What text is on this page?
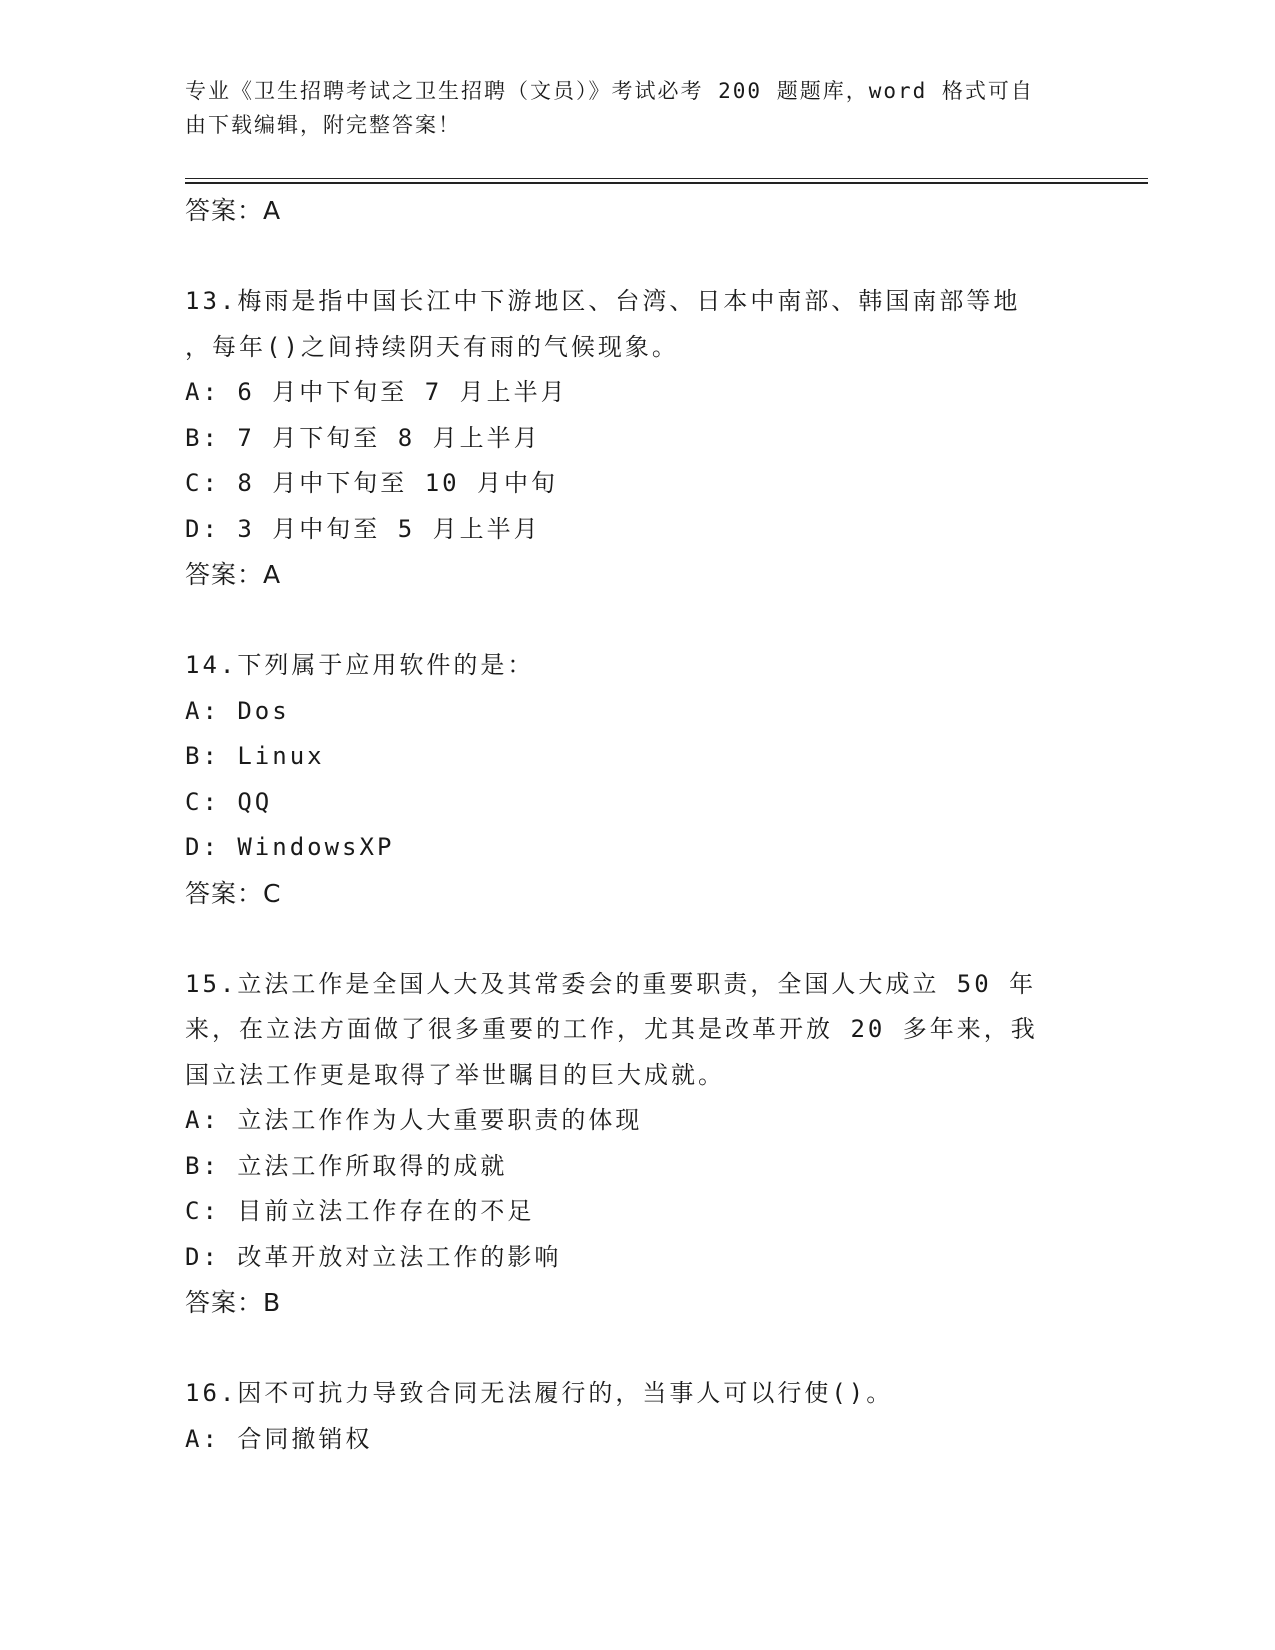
专业《卫生招聘考试之卫生招聘（文员）》考试必考 200 题题库，word 格式可自
由下载编辑，附完整答案！
答案：A
13.梅雨是指中国长江中下游地区、台湾、日本中南部、韩国南部等地
，每年()之间持续阴天有雨的气候现象。
A: 6 月中下旬至 7 月上半月
B: 7 月下旬至 8 月上半月
C: 8 月中下旬至 10 月中旬
D: 3 月中旬至 5 月上半月
答案：A
14.下列属于应用软件的是：
A: Dos
B: Linux
C: QQ
D: WindowsXP
答案：C
15.立法工作是全国人大及其常委会的重要职责，全国人大成立 50 年
来，在立法方面做了很多重要的工作，尤其是改革开放 20 多年来，我
国立法工作更是取得了举世瞩目的巨大成就。
A: 立法工作作为人大重要职责的体现
B: 立法工作所取得的成就
C: 目前立法工作存在的不足
D: 改革开放对立法工作的影响
答案：B
16.因不可抗力导致合同无法履行的，当事人可以行使()。
A: 合同撤销权
